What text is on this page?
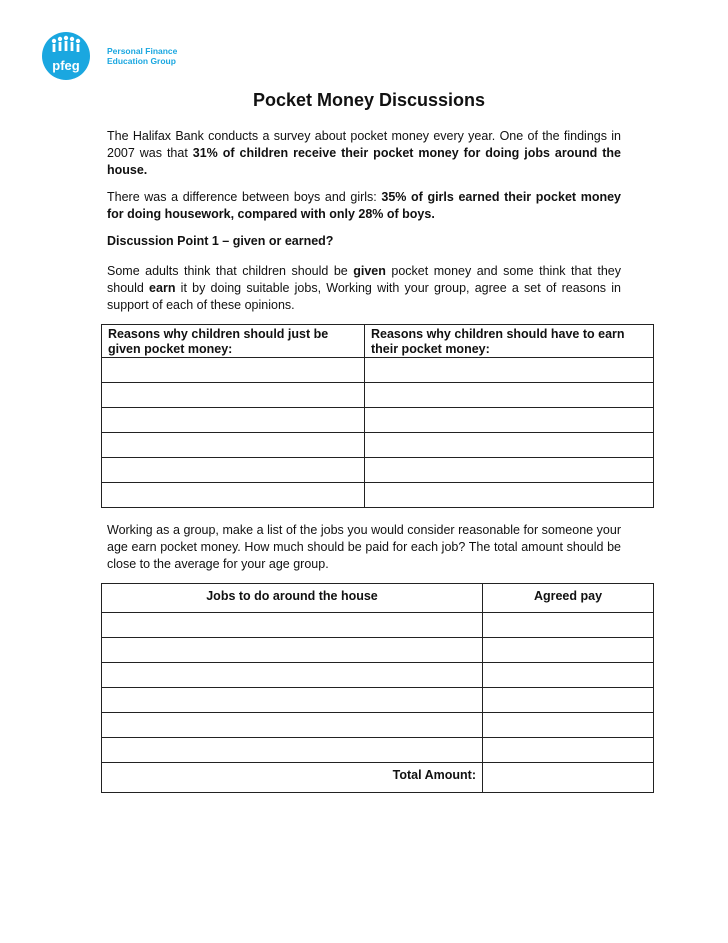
pfeg
Personal Finance
Education Group
Pocket Money Discussions

The Halifax Bank conducts a survey about pocket money every year. One of the findings in 2007 was that 31% of children receive their pocket money for doing jobs around the house.

There was a difference between boys and girls: 35% of girls earned their pocket money for doing housework, compared with only 28% of boys.

Discussion Point 1 – given or earned?

Some adults think that children should be given pocket money and some think that they should earn it by doing suitable jobs, Working with your group, agree a set of reasons in support of each of these opinions.

Reasons why children should just be given pocket money:	Reasons why children should have to earn their pocket money:

Working as a group, make a list of the jobs you would consider reasonable for someone your age earn pocket money. How much should be paid for each job? The total amount should be close to the average for your age group.

Jobs to do around the house	Agreed pay

Total Amount:	
